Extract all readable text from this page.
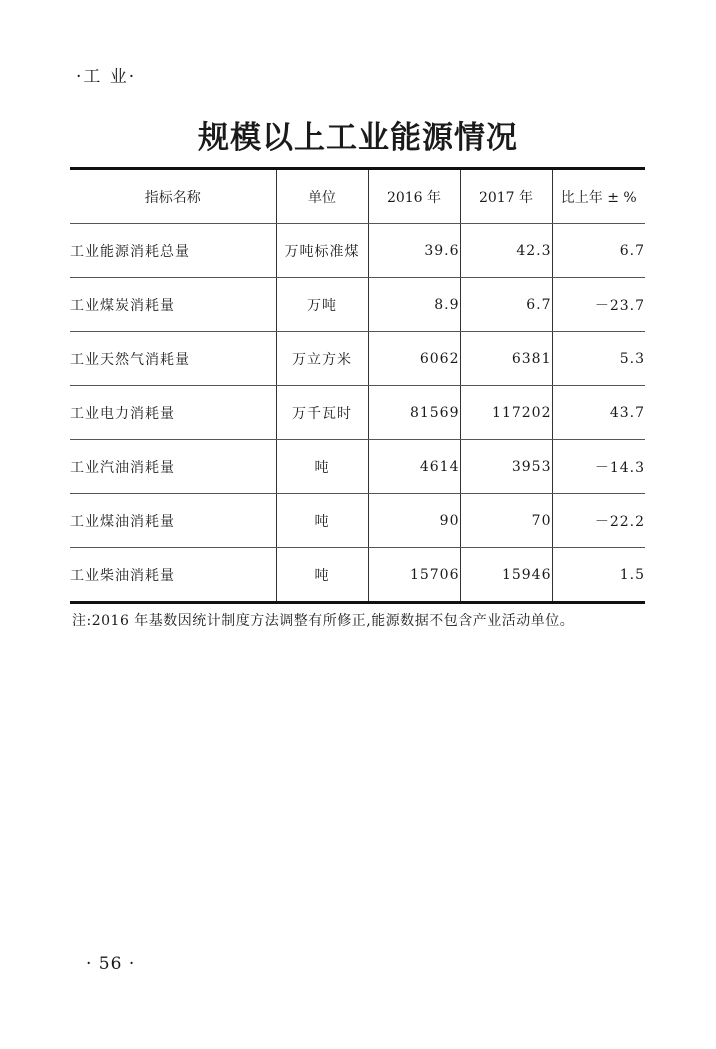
·工 业·
规模以上工业能源情况
指标名称	单位	2016 年	2017 年	比上年 ± %
工业能源消耗总量	万吨标准煤	39.6	42.3	6.7
工业煤炭消耗量	万吨	8.9	6.7	－23.7
工业天然气消耗量	万立方米	6062	6381	5.3
工业电力消耗量	万千瓦时	81569	117202	43.7
工业汽油消耗量	吨	4614	3953	－14.3
工业煤油消耗量	吨	90	70	－22.2
工业柴油消耗量	吨	15706	15946	1.5
注:2016 年基数因统计制度方法调整有所修正,能源数据不包含产业活动单位。
· 56 ·
